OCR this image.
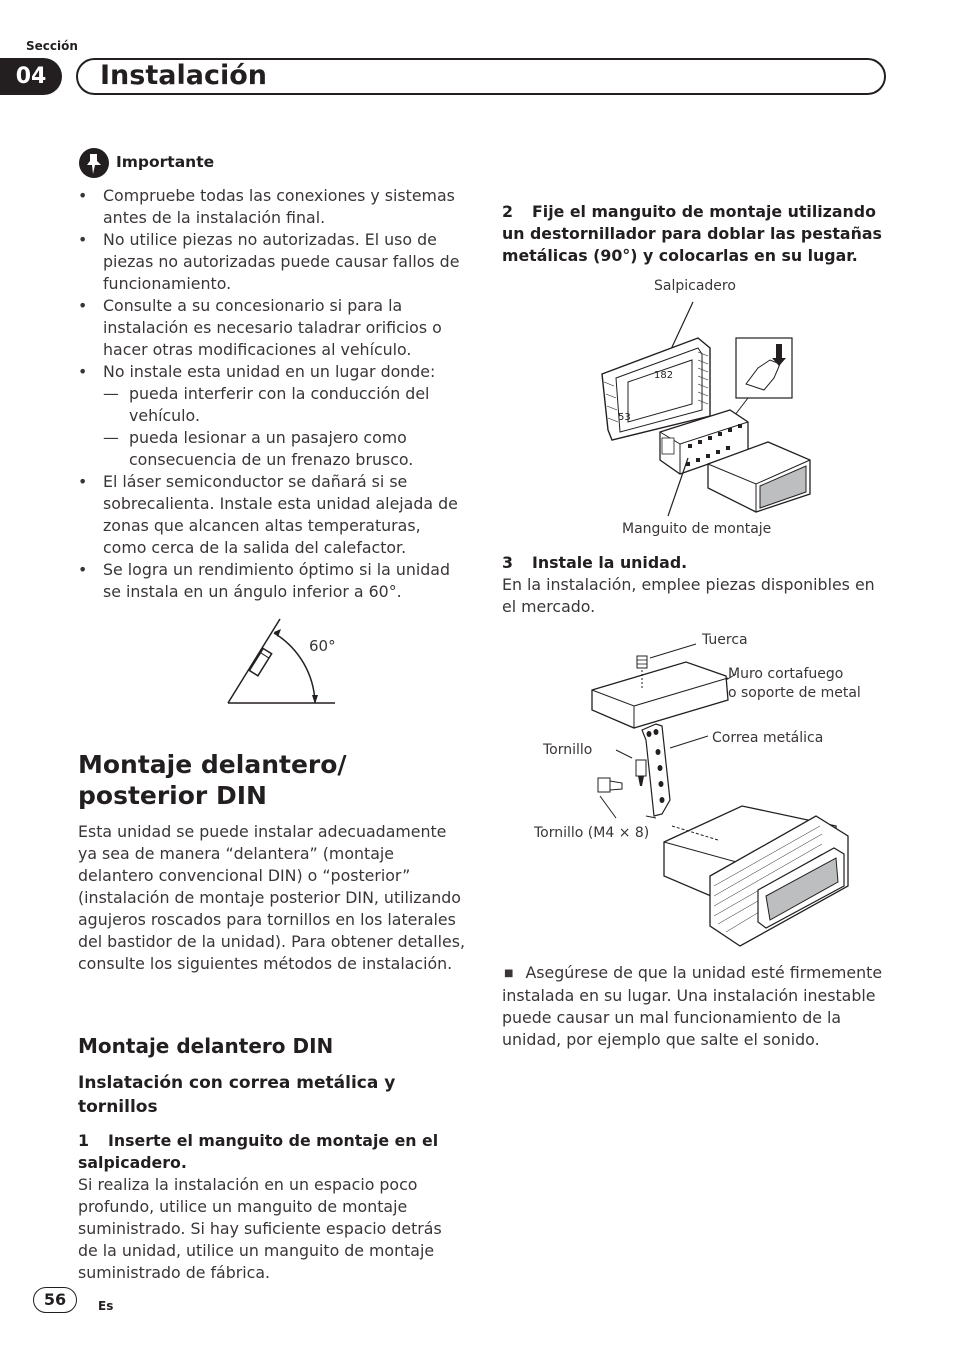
Sección
04	Instalación
Importante
• Compruebe todas las conexiones y sistemas antes de la instalación final.
• No utilice piezas no autorizadas. El uso de piezas no autorizadas puede causar fallos de funcionamiento.
• Consulte a su concesionario si para la instalación es necesario taladrar orificios o hacer otras modificaciones al vehículo.
• No instale esta unidad en un lugar donde:
— pueda interferir con la conducción del vehículo.
— pueda lesionar a un pasajero como consecuencia de un frenazo brusco.
• El láser semiconductor se dañará si se sobrecalienta. Instale esta unidad alejada de zonas que alcancen altas temperaturas, como cerca de la salida del calefactor.
• Se logra un rendimiento óptimo si la unidad se instala en un ángulo inferior a 60°.
60°
Montaje delantero/ posterior DIN
Esta unidad se puede instalar adecuadamente ya sea de manera “delantera” (montaje delantero convencional DIN) o “posterior” (instalación de montaje posterior DIN, utilizando agujeros roscados para tornillos en los laterales del bastidor de la unidad). Para obtener detalles, consulte los siguientes métodos de instalación.
Montaje delantero DIN
Inslatación con correa metálica y tornillos
1 Inserte el manguito de montaje en el salpicadero.
Si realiza la instalación en un espacio poco profundo, utilice un manguito de montaje suministrado. Si hay suficiente espacio detrás de la unidad, utilice un manguito de montaje suministrado de fábrica.
2 Fije el manguito de montaje utilizando un destornillador para doblar las pestañas metálicas (90°) y colocarlas en su lugar.
Salpicadero
182
53
Manguito de montaje
3 Instale la unidad.
En la instalación, emplee piezas disponibles en el mercado.
Tuerca
Muro cortafuego
o soporte de metal
Correa metálica
Tornillo
Tornillo (M4 × 8)
■ Asegúrese de que la unidad esté firmemente instalada en su lugar. Una instalación inestable puede causar un mal funcionamiento de la unidad, por ejemplo que salte el sonido.
56	Es
